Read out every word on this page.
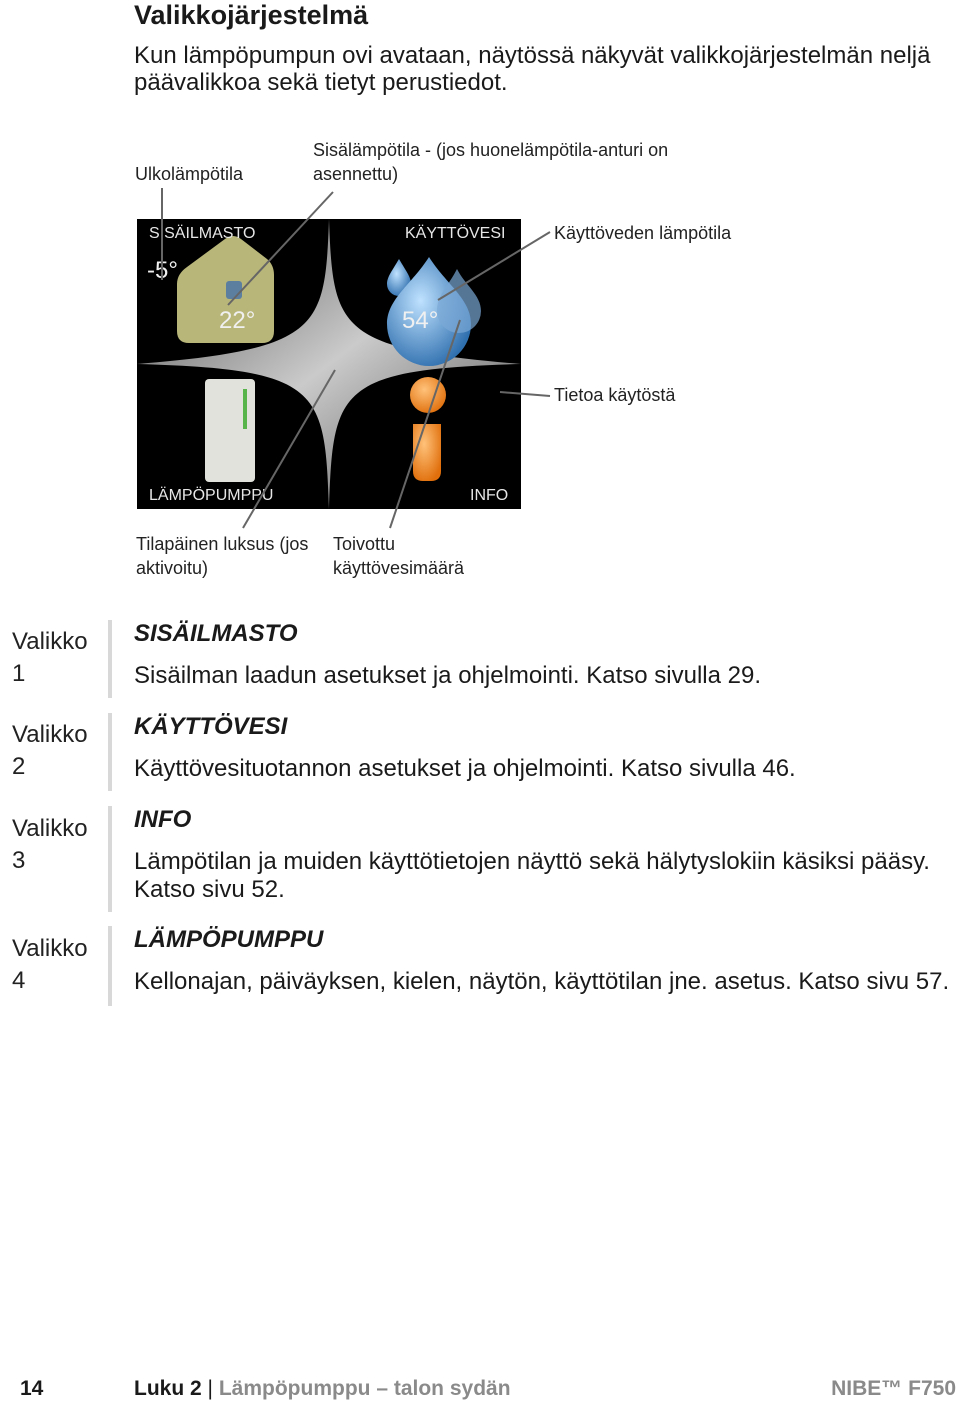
Valikkojärjestelmä
Kun lämpöpumpun ovi avataan, näytössä näkyvät valikkojärjestelmän neljä päävalikkoa sekä tietyt perustiedot.
Ulkolämpötila
Sisälämpötila - (jos huonelämpötila-anturi on asennettu)
Käyttöveden lämpötila
Tietoa käytöstä
Tilapäinen luksus (jos aktivoitu)
Toivottu käyttövesimäärä
SISÄILMASTO	KÄYTTÖVESI
LÄMPÖPUMPPU	INFO
-5°
22°	54°
Valikko
1
SISÄILMASTO
Sisäilman laadun asetukset ja ohjelmointi. Katso sivulla 29.
Valikko
2
KÄYTTÖVESI
Käyttövesituotannon asetukset ja ohjelmointi. Katso sivulla 46.
Valikko
3
INFO
Lämpötilan ja muiden käyttötietojen näyttö sekä hälytyslokiin käsiksi pääsy. Katso sivu 52.
Valikko
4
LÄMPÖPUMPPU
Kellonajan, päiväyksen, kielen, näytön, käyttötilan jne. asetus. Katso sivu 57.
14	Luku 2 | Lämpöpumppu – talon sydän	NIBE™ F750
